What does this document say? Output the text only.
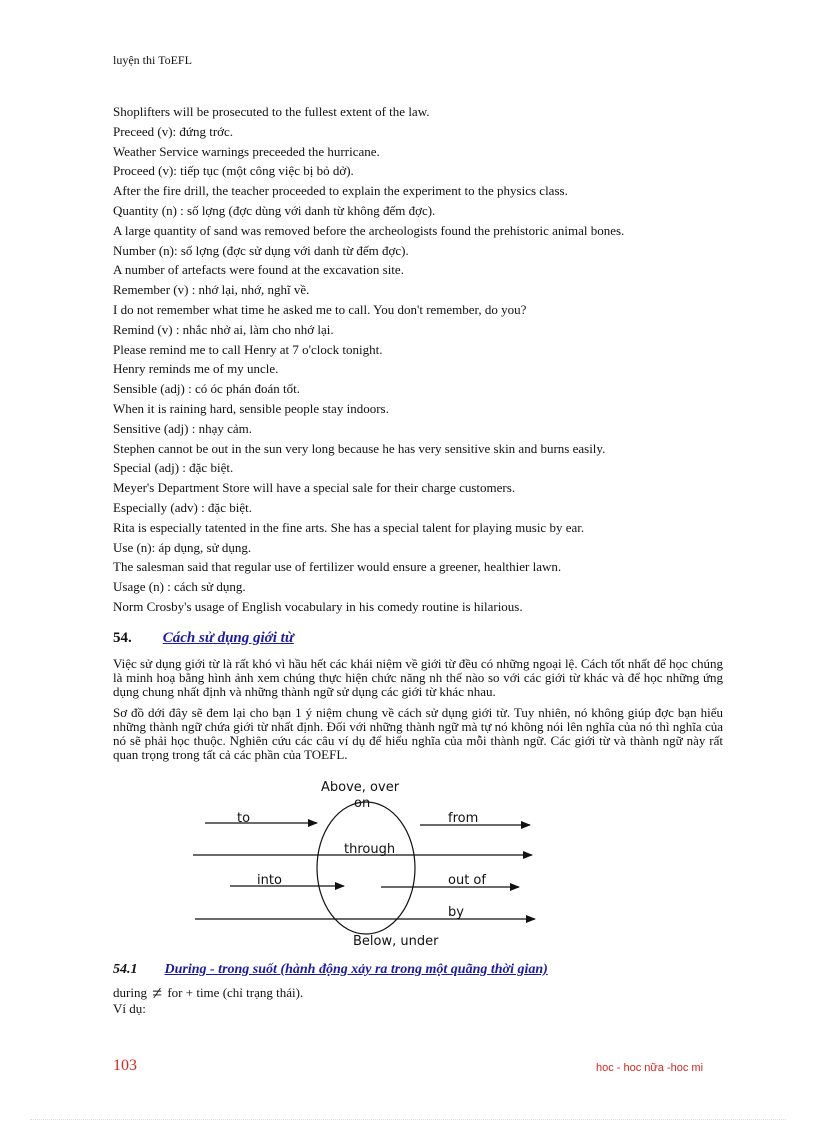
luyện thi ToEFL
Shoplifters will be prosecuted to the fullest extent of the law.
Preceed (v): đứng trớc.
Weather Service warnings preceeded the hurricane.
Proceed (v): tiếp tục (một công việc bị bỏ dở).
After the fire drill, the teacher proceeded to explain the experiment to the physics class.
Quantity (n) : số lợng (đợc dùng với danh từ không đếm đợc).
A large quantity of sand was removed before the archeologists found the prehistoric animal bones.
Number (n): số lợng (đợc sử dụng với danh từ đếm đợc).
A number of artefacts were found at the excavation site.
Remember (v) : nhớ lại, nhớ, nghĩ về.
I do not remember what time he asked me to call. You don't remember, do you?
Remind (v) : nhắc nhở ai, làm cho nhớ lại.
Please remind me to call Henry at 7 o'clock tonight.
Henry reminds me of my uncle.
Sensible (adj) : có óc phán đoán tốt.
When it is raining hard, sensible people stay indoors.
Sensitive (adj) : nhạy cảm.
Stephen cannot be out in the sun very long because he has very sensitive skin and burns easily.
Special (adj) : đặc biệt.
Meyer's Department Store will have a special sale for their charge customers.
Especially (adv) : đặc biệt.
Rita is especially tatented in the fine arts. She has a special talent for playing music by ear.
Use (n): áp dụng, sử dụng.
The salesman said that regular use of fertilizer would ensure a greener, healthier lawn.
Usage (n) : cách sử dụng.
Norm Crosby's usage of English vocabulary in his comedy routine is hilarious.
54. Cách sử dụng giới từ
Việc sử dụng giới từ là rất khó vì hầu hết các khái niệm về giới từ đều có những ngoại lệ. Cách tốt nhất để học chúng là minh hoạ bằng hình ảnh xem chúng thực hiện chức năng nh thế nào so với các giới từ khác và để học những ứng dụng chung nhất định và những thành ngữ sử dụng các giới từ khác nhau.
Sơ đồ dới đây sẽ đem lại cho bạn 1 ý niệm chung về cách sử dụng giới từ. Tuy nhiên, nó không giúp đợc bạn hiểu những thành ngữ chứa giới từ nhất định. Đối với những thành ngữ mà tự nó không nói lên nghĩa của nó thì nghĩa của nó sẽ phải học thuộc. Nghiên cứu các câu ví dụ để hiểu nghĩa của mỗi thành ngữ. Các giới từ và thành ngữ này rất quan trọng trong tất cả các phần của TOEFL.
Above, over
on
to	from
through
into	out of
by
Below, under
54.1 During - trong suốt (hành động xảy ra trong một quãng thời gian)
during ≠ for + time (chỉ trạng thái).
Ví dụ:
103	hoc - hoc nữa -hoc mi
